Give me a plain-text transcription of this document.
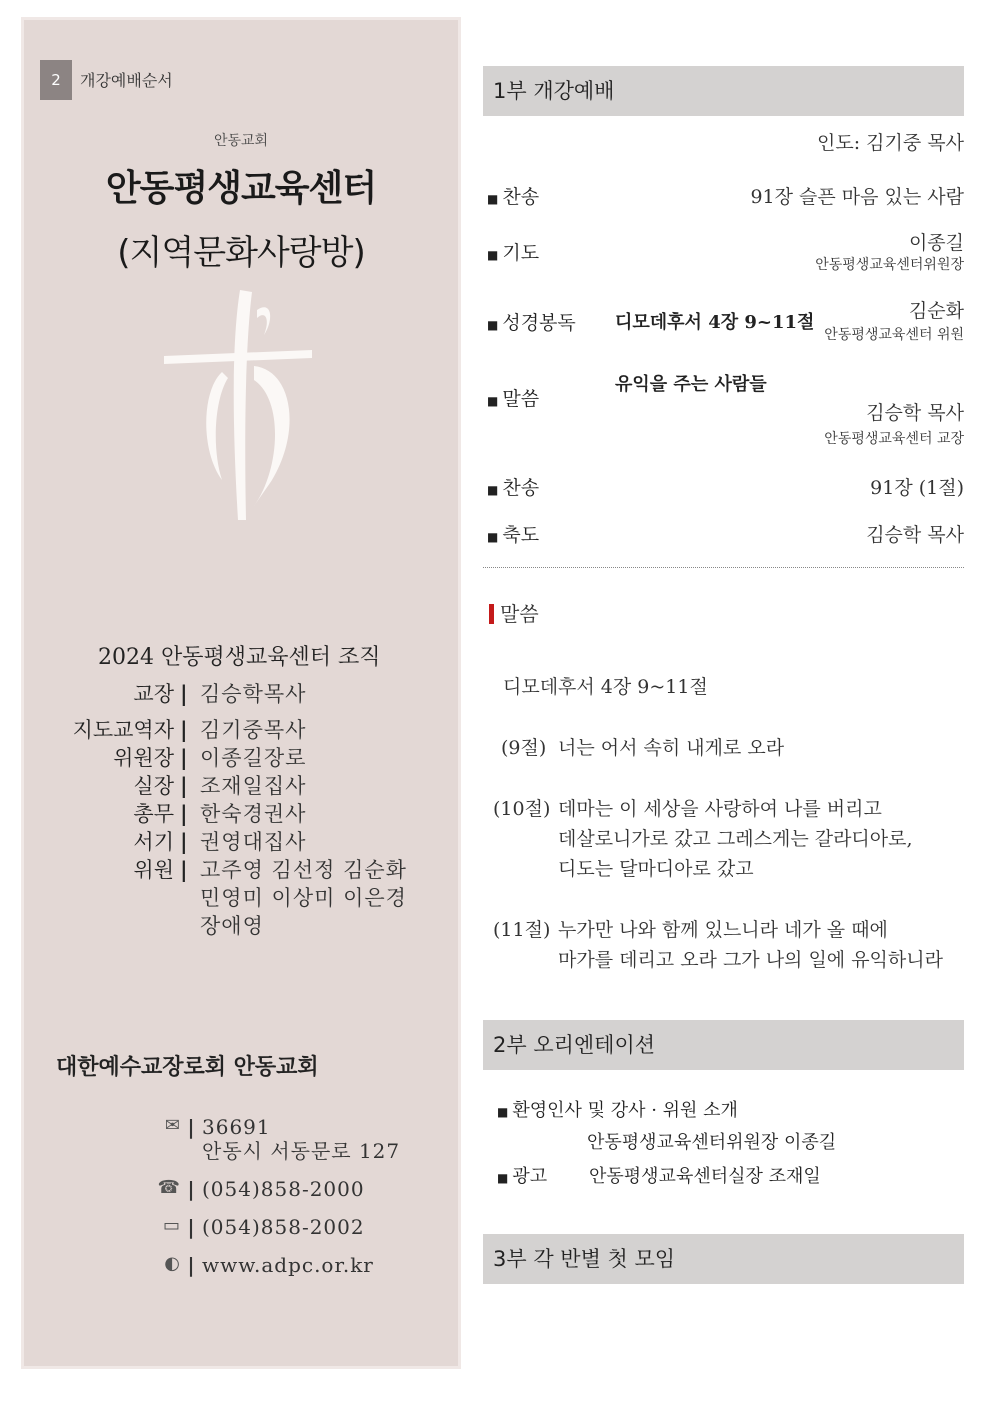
2	개강예배순서
안동교회
안동평생교육센터
(지역문화사랑방)
2024 안동평생교육센터 조직
교장 | 김승학목사
지도교역자 | 김기중목사
위원장 | 이종길장로
실장 | 조재일집사
총무 | 한숙경권사
서기 | 권영대집사
위원 | 고주영 김선정 김순화
민영미 이상미 이은경
장애영
대한예수교장로회 안동교회
✉ | 36691
안동시 서동문로 127
☎ | (054)858-2000
▭ | (054)858-2002
◐ | www.adpc.or.kr
1부 개강예배
인도: 김기중 목사
■ 찬송	91장 슬픈 마음 있는 사람
■ 기도	이종길
안동평생교육센터위원장
■ 성경봉독 디모데후서 4장 9~11절
김순화
안동평생교육센터 위원
■ 말씀
유익을 주는 사람들
김승학 목사
안동평생교육센터 교장
■ 찬송	91장 (1절)
■ 축도	김승학 목사
말씀
디모데후서 4장 9~11절
(9절) 너는 어서 속히 내게로 오라
(10절) 데마는 이 세상을 사랑하여 나를 버리고
데살로니가로 갔고 그레스게는 갈라디아로,
디도는 달마디아로 갔고
(11절) 누가만 나와 함께 있느니라 네가 올 때에
마가를 데리고 오라 그가 나의 일에 유익하니라
2부 오리엔테이션
■ 환영인사 및 강사 · 위원 소개
안동평생교육센터위원장 이종길
■ 광고 안동평생교육센터실장 조재일
3부 각 반별 첫 모임
